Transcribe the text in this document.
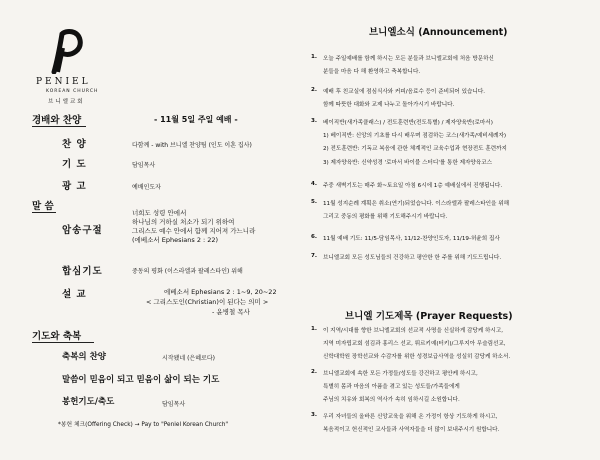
PENIEL
KOREAN CHURCH
브니엘교회
경배와 찬양	- 11월 5일 주일 예배 -
찬 양	다함께 - with 브니엘 찬양팀 (인도 이혼 집사)
기 도	담임목사
광 고	예배인도자
말 씀
암송구절
너희도 성령 안에서
하나님의 거하실 처소가 되기 위하여
그리스도 예수 안에서 함께 지어져 가느니라
(에베소서 Ephesians 2 : 22)
합심기도	중동의 평화 (이스라엘과 팔레스타인) 위해
설 교	에베소서 Ephesians 2 : 1~9, 20~22
< 그리스도인(Christian)이 된다는 의미 >
- 윤병철 목사
기도와 축복
축복의 찬양	시작됐네 (은혜로다)
말씀이 믿음이 되고 믿음이 삶이 되는 기도
봉헌기도/축도	담임목사
*봉헌 체크(Offering Check) → Pay to "Peniel Korean Church"
브니엘소식 (Announcement)
1. 오늘 주일예배를 함께 하시는 모든 분들과 브니엘교회에 처음 방문하신
분들을 마음 다 해 환영하고 축복합니다.
2. 예배 후 친교실에 점심식사와 커피/음료수 등이 준비되어 있습니다.
함께 따뜻한 대화와 교제 나누고 돌아가시기 바랍니다.
3. 베이직반(새가족클래스) / 전도훈련반(전도특별) / 제자양육반(로마서)
1) 베이직반: 신앙의 기초를 다시 배우며 점검하는 코스(새가족/예비세례자)
2) 전도훈련반: 기독교 복음에 관한 체계적인 교육수업과 현장전도 훈련까지
3) 제자양육반: 신약성경 '로마서 바이블 스터디'를 통한 제자양육코스
4. 주중 새벽기도는 매주 화~토요일 아침 6시에 1층 예배실에서 진행됩니다.
5. 11월 성지순례 계획은 취소(연기)되었습니다. 이스라엘과 팔레스타인을 위해
그리고 중동의 평화를 위해 기도해주시기 바랍니다.
6. 11월 예배 기도: 11/5-담임목사, 11/12-찬양인도자, 11/19-허윤희 집사
7. 브니엘교회 모든 성도님들의 건강하고 평안한 한 주를 위해 기도드립니다.
브니엘 기도제목 (Prayer Requests)
1. 이 지역/시대를 향한 브니엘교회의 선교적 사명을 신실하게 감당케 하시고,
지역 미자립교회 섬김과 홍리스 선교, 튀르키예(터키)/그루지아 무슬림선교,
신학대학원 장학선교와 수감자를 위한 성경보급사역을 성실히 감당케 하소서.
2. 브니엘교회에 속한 모든 가정들/성도들 강건하고 평안케 하시고,
특별히 몸과 마음의 아픔을 겪고 있는 성도들/가족들에게
주님의 치유와 회복의 역사가 속히 임하시길 소원합니다.
3. 우리 자녀들의 올바른 신앙교육을 위해 온 가정이 항상 기도하게 하시고,
복음적이고 헌신적인 교사들과 사역자들을 더 많이 보내주시기 원합니다.
